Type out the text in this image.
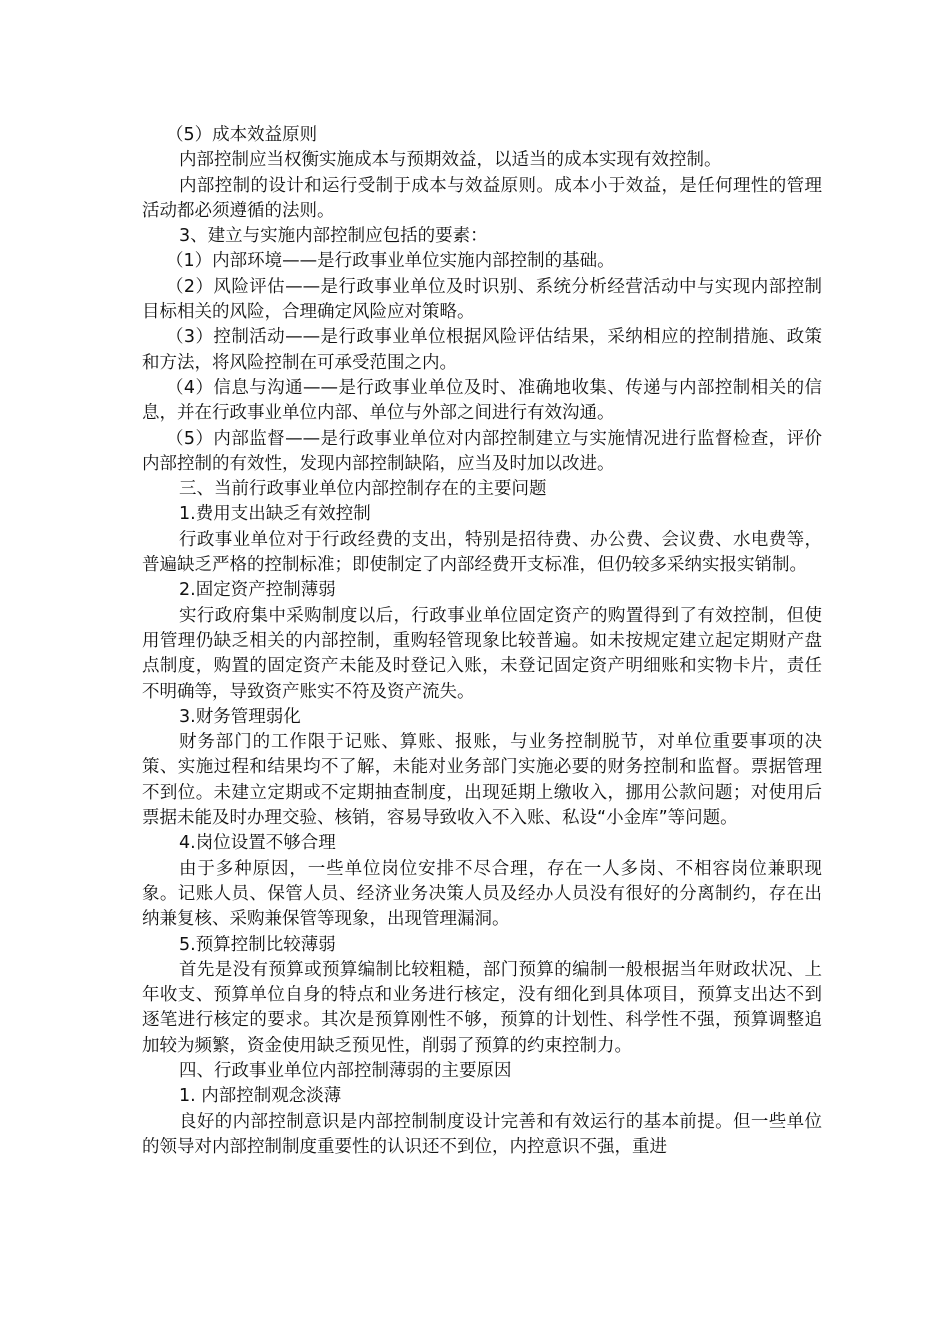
（5）成本效益原则

内部控制应当权衡实施成本与预期效益，以适当的成本实现有效控制。

内部控制的设计和运行受制于成本与效益原则。成本小于效益，是任何理性的管理活动都必须遵循的法则。

3、建立与实施内部控制应包括的要素：

（1）内部环境——是行政事业单位实施内部控制的基础。

（2）风险评估——是行政事业单位及时识别、系统分析经营活动中与实现内部控制目标相关的风险，合理确定风险应对策略。

（3）控制活动——是行政事业单位根据风险评估结果，采纳相应的控制措施、政策和方法，将风险控制在可承受范围之内。

（4）信息与沟通——是行政事业单位及时、准确地收集、传递与内部控制相关的信息，并在行政事业单位内部、单位与外部之间进行有效沟通。

（5）内部监督——是行政事业单位对内部控制建立与实施情况进行监督检查，评价内部控制的有效性，发现内部控制缺陷，应当及时加以改进。

三、当前行政事业单位内部控制存在的主要问题

1.费用支出缺乏有效控制

行政事业单位对于行政经费的支出，特别是招待费、办公费、会议费、水电费等，普遍缺乏严格的控制标准；即使制定了内部经费开支标准，但仍较多采纳实报实销制。

2.固定资产控制薄弱

实行政府集中采购制度以后，行政事业单位固定资产的购置得到了有效控制，但使用管理仍缺乏相关的内部控制，重购轻管现象比较普遍。如未按规定建立起定期财产盘点制度，购置的固定资产未能及时登记入账，未登记固定资产明细账和实物卡片，责任不明确等，导致资产账实不符及资产流失。

3.财务管理弱化

财务部门的工作限于记账、算账、报账，与业务控制脱节，对单位重要事项的决策、实施过程和结果均不了解，未能对业务部门实施必要的财务控制和监督。票据管理不到位。未建立定期或不定期抽查制度，出现延期上缴收入，挪用公款问题；对使用后票据未能及时办理交验、核销，容易导致收入不入账、私设“小金库”等问题。

4.岗位设置不够合理

由于多种原因，一些单位岗位安排不尽合理，存在一人多岗、不相容岗位兼职现象。记账人员、保管人员、经济业务决策人员及经办人员没有很好的分离制约，存在出纳兼复核、采购兼保管等现象，出现管理漏洞。

5.预算控制比较薄弱

首先是没有预算或预算编制比较粗糙，部门预算的编制一般根据当年财政状况、上年收支、预算单位自身的特点和业务进行核定，没有细化到具体项目，预算支出达不到逐笔进行核定的要求。其次是预算刚性不够，预算的计划性、科学性不强，预算调整追加较为频繁，资金使用缺乏预见性，削弱了预算的约束控制力。

四、行政事业单位内部控制薄弱的主要原因

1. 内部控制观念淡薄

良好的内部控制意识是内部控制制度设计完善和有效运行的基本前提。但一些单位的领导对内部控制制度重要性的认识还不到位，内控意识不强，重进
